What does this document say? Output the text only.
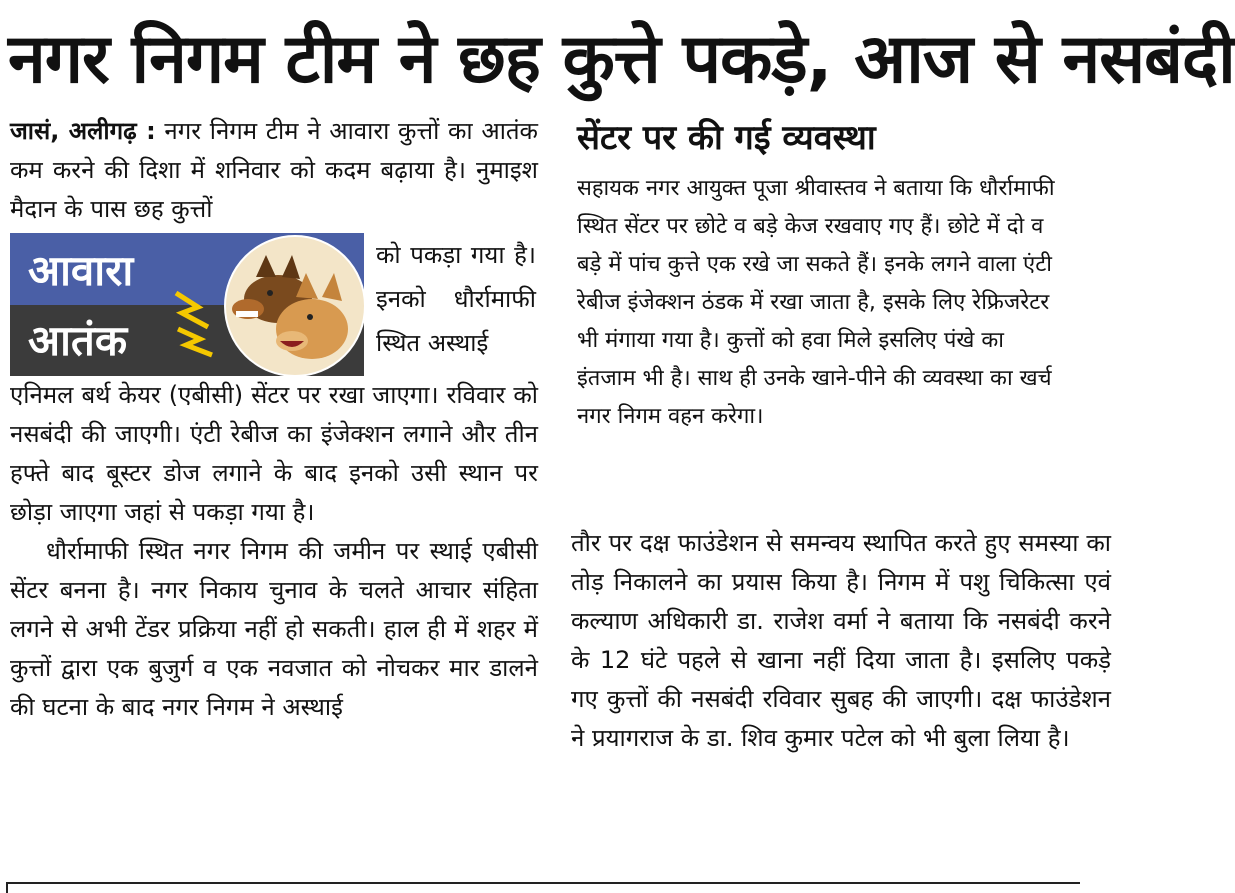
नगर निगम टीम ने छह कुत्ते पकड़े, आज से नसबंदी

जासं, अलीगढ़ : नगर निगम टीम ने आवारा कुत्तों का आतंक कम करने की दिशा में शनिवार को कदम बढ़ाया है। नुमाइश मैदान के पास छह कुत्तों

आवारा
आतंक
को पकड़ा गया है। इनको धौर्रामाफी स्थित अस्थाई

एनिमल बर्थ केयर (एबीसी) सेंटर पर रखा जाएगा। रविवार को नसबंदी की जाएगी। एंटी रेबीज का इंजेक्शन लगाने और तीन हफ्ते बाद बूस्टर डोज लगाने के बाद इनको उसी स्थान पर छोड़ा जाएगा जहां से पकड़ा गया है।

धौर्रामाफी स्थित नगर निगम की जमीन पर स्थाई एबीसी सेंटर बनना है। नगर निकाय चुनाव के चलते आचार संहिता लगने से अभी टेंडर प्रक्रिया नहीं हो सकती। हाल ही में शहर में कुत्तों द्वारा एक बुजुर्ग व एक नवजात को नोचकर मार डालने की घटना के बाद नगर निगम ने अस्थाई

सेंटर पर की गई व्यवस्था
सहायक नगर आयुक्त पूजा श्रीवास्तव ने बताया कि धौर्रामाफी स्थित सेंटर पर छोटे व बड़े केज रखवाए गए हैं। छोटे में दो व बड़े में पांच कुत्ते एक रखे जा सकते हैं। इनके लगने वाला एंटी रेबीज इंजेक्शन ठंडक में रखा जाता है, इसके लिए रेफ्रिजरेटर भी मंगाया गया है। कुत्तों को हवा मिले इसलिए पंखे का इंतजाम भी है। साथ ही उनके खाने-पीने की व्यवस्था का खर्च नगर निगम वहन करेगा।

तौर पर दक्ष फाउंडेशन से समन्वय स्थापित करते हुए समस्या का तोड़ निकालने का प्रयास किया है। निगम में पशु चिकित्सा एवं कल्याण अधिकारी डा. राजेश वर्मा ने बताया कि नसबंदी करने के 12 घंटे पहले से खाना नहीं दिया जाता है। इसलिए पकड़े गए कुत्तों की नसबंदी रविवार सुबह की जाएगी। दक्ष फाउंडेशन ने प्रयागराज के डा. शिव कुमार पटेल को भी बुला लिया है।
